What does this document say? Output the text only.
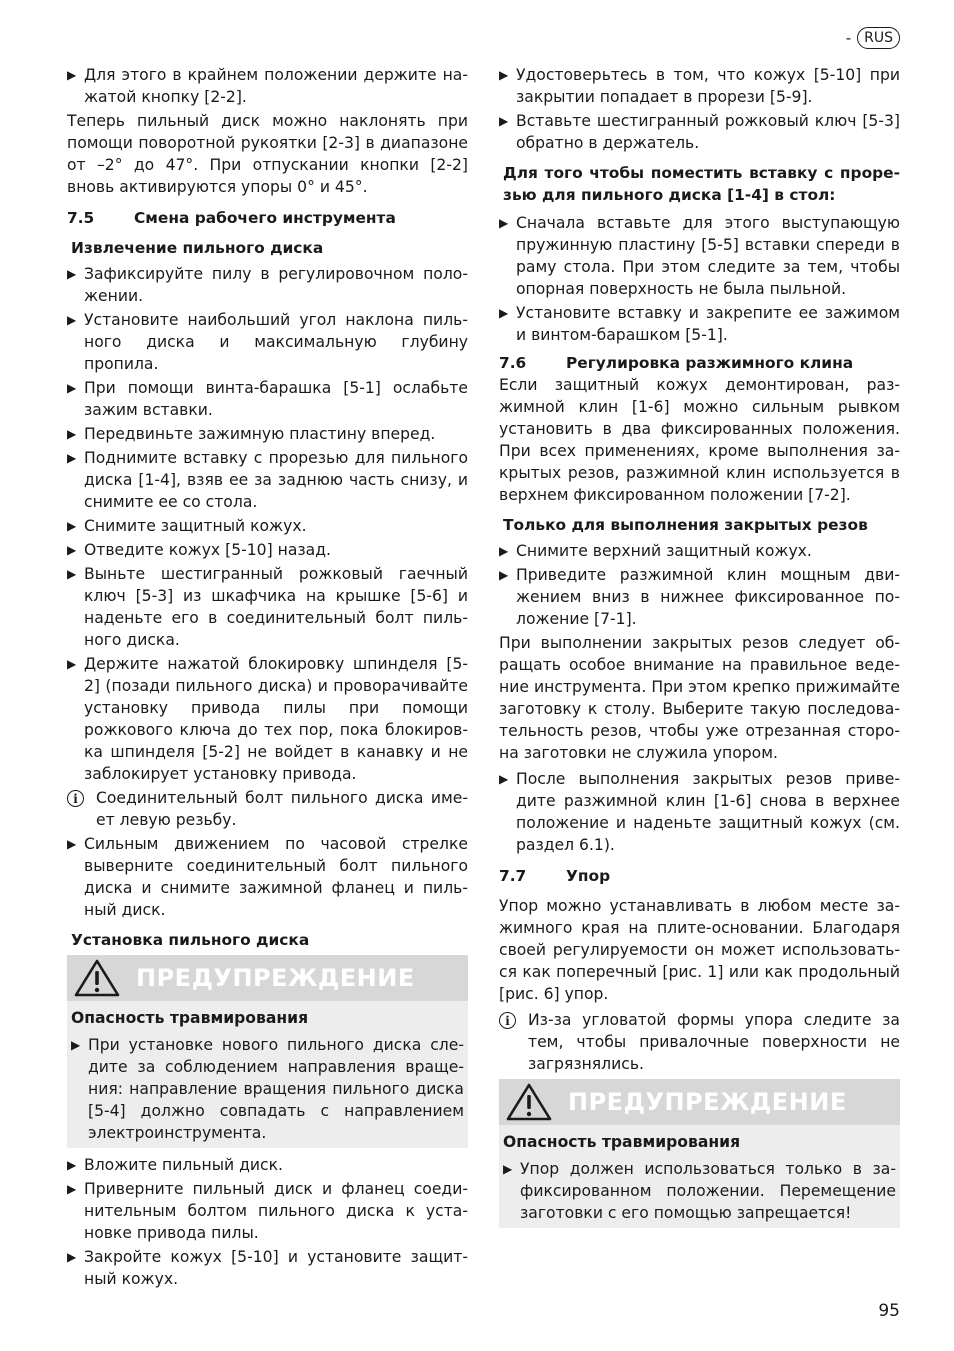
- RUS
▶ Для этого в крайнем положении держите нажатой кнопку [2-2].

Теперь пильный диск можно наклонять при помощи поворотной рукоятки [2-3] в диапазоне от –2° до 47°. При отпускании кнопки [2-2] вновь активируются упоры 0° и 45°.

7.5	Смена рабочего инструмента
Извлечение пильного диска
▶ Зафиксируйте пилу в регулировочном положении.
▶ Установите наибольший угол наклона пильного диска и максимальную глубину пропила.
▶ При помощи винта-барашка [5-1] ослабьте зажим вставки.
▶ Передвиньте зажимную пластину вперед.
▶ Поднимите вставку с прорезью для пильного диска [1-4], взяв ее за заднюю часть снизу, и снимите ее со стола.
▶ Снимите защитный кожух.
▶ Отведите кожух [5-10] назад.
▶ Выньте шестигранный рожковый гаечный ключ [5-3] из шкафчика на крышке [5-6] и наденьте его в соединительный болт пильного диска.
▶ Держите нажатой блокировку шпинделя [5-2] (позади пильного диска) и проворачивайте установку привода пилы при помощи рожкового ключа до тех пор, пока блокировка шпинделя [5-2] не войдет в канавку и не заблокирует установку привода.
i	Соединительный болт пильного диска имеет левую резьбу.
▶ Сильным движением по часовой стрелке выверните соединительный болт пильного диска и снимите зажимной фланец и пильный диск.
Установка пильного диска
ПРЕДУПРЕЖДЕНИЕ
Опасность травмирования
▶ При установке нового пильного диска следите за соблюдением направления вращения: направление вращения пильного диска [5-4] должно совпадать с направлением электроинструмента.
▶ Вложите пильный диск.
▶ Приверните пильный диск и фланец соединительным болтом пильного диска к установке привода пилы.
▶ Закройте кожух [5-10] и установите защитный кожух.
▶ Удостоверьтесь в том, что кожух [5-10] при закрытии попадает в прорези [5-9].
▶ Вставьте шестигранный рожковый ключ [5-3] обратно в держатель.
Для того чтобы поместить вставку с прорезью для пильного диска [1-4] в стол:
▶ Сначала вставьте для этого выступающую пружинную пластину [5-5] вставки спереди в раму стола. При этом следите за тем, чтобы опорная поверхность не была пыльной.
▶ Установите вставку и закрепите ее зажимом и винтом-барашком [5-1].
7.6	Регулировка разжимного клина

Если защитный кожух демонтирован, разжимной клин [1-6] можно сильным рывком установить в два фиксированных положения. При всех применениях, кроме выполнения закрытых резов, разжимной клин используется в верхнем фиксированном положении [7-2].

Только для выполнения закрытых резов
▶ Снимите верхний защитный кожух.
▶ Приведите разжимной клин мощным движением вниз в нижнее фиксированное положение [7-1].

При выполнении закрытых резов следует обращать особое внимание на правильное ведение инструмента. При этом крепко прижимайте заготовку к столу. Выберите такую последовательность резов, чтобы уже отрезанная сторона заготовки не служила упором.

▶ После выполнения закрытых резов приведите разжимной клин [1-6] снова в верхнее положение и наденьте защитный кожух (см. раздел 6.1).
7.7	Упор

Упор можно устанавливать в любом месте зажимного края на плите-основании. Благодаря своей регулируемости он может использоваться как поперечный [рис. 1] или как продольный [рис. 6] упор.

i	Из-за угловатой формы упора следите за тем, чтобы привалочные поверхности не загрязнялись.
ПРЕДУПРЕЖДЕНИЕ
Опасность травмирования
▶ Упор должен использоваться только в зафиксированном положении. Перемещение заготовки с его помощью запрещается!
95
